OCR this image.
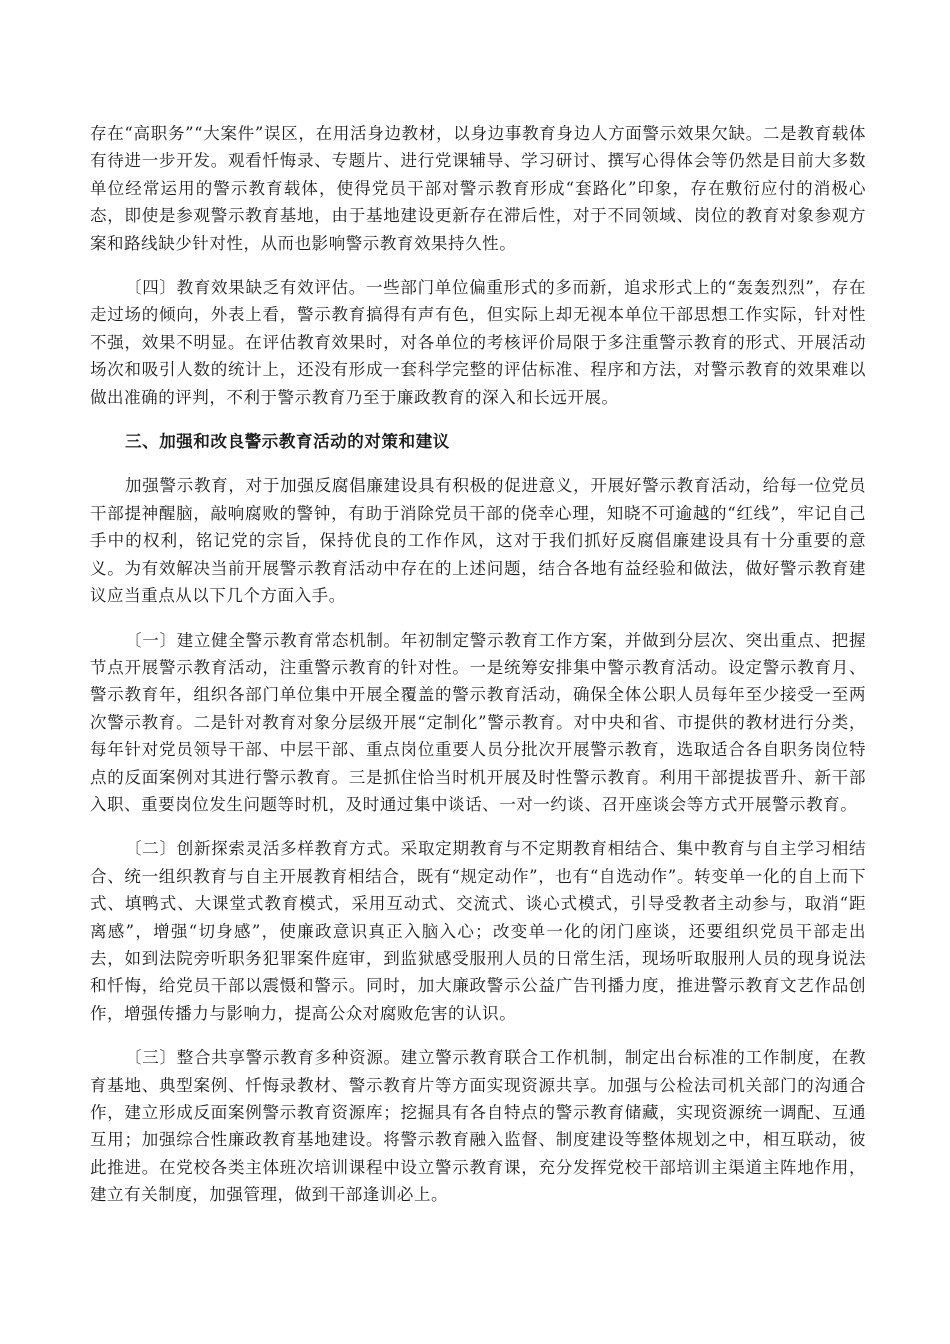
存在“高职务”“大案件”误区，在用活身边教材，以身边事教育身边人方面警示效果欠缺。二是教育载体有待进一步开发。观看忏悔录、专题片、进行党课辅导、学习研讨、撰写心得体会等仍然是目前大多数单位经常运用的警示教育载体，使得党员干部对警示教育形成“套路化”印象，存在敷衍应付的消极心态，即使是参观警示教育基地，由于基地建设更新存在滞后性，对于不同领域、岗位的教育对象参观方案和路线缺少针对性，从而也影响警示教育效果持久性。

〔四〕教育效果缺乏有效评估。一些部门单位偏重形式的多而新，追求形式上的“轰轰烈烈”，存在走过场的倾向，外表上看，警示教育搞得有声有色，但实际上却无视本单位干部思想工作实际，针对性不强，效果不明显。在评估教育效果时，对各单位的考核评价局限于多注重警示教育的形式、开展活动场次和吸引人数的统计上，还没有形成一套科学完整的评估标准、程序和方法，对警示教育的效果难以做出准确的评判，不利于警示教育乃至于廉政教育的深入和长远开展。

三、加强和改良警示教育活动的对策和建议

加强警示教育，对于加强反腐倡廉建设具有积极的促进意义，开展好警示教育活动，给每一位党员干部提神醒脑，敲响腐败的警钟，有助于消除党员干部的侥幸心理，知晓不可逾越的“红线”，牢记自己手中的权利，铭记党的宗旨，保持优良的工作作风，这对于我们抓好反腐倡廉建设具有十分重要的意义。为有效解决当前开展警示教育活动中存在的上述问题，结合各地有益经验和做法，做好警示教育建议应当重点从以下几个方面入手。

〔一〕建立健全警示教育常态机制。年初制定警示教育工作方案，并做到分层次、突出重点、把握节点开展警示教育活动，注重警示教育的针对性。一是统筹安排集中警示教育活动。设定警示教育月、警示教育年，组织各部门单位集中开展全覆盖的警示教育活动，确保全体公职人员每年至少接受一至两次警示教育。二是针对教育对象分层级开展“定制化”警示教育。对中央和省、市提供的教材进行分类，每年针对党员领导干部、中层干部、重点岗位重要人员分批次开展警示教育，选取适合各自职务岗位特点的反面案例对其进行警示教育。三是抓住恰当时机开展及时性警示教育。利用干部提拔晋升、新干部入职、重要岗位发生问题等时机，及时通过集中谈话、一对一约谈、召开座谈会等方式开展警示教育。

〔二〕创新探索灵活多样教育方式。采取定期教育与不定期教育相结合、集中教育与自主学习相结合、统一组织教育与自主开展教育相结合，既有“规定动作”，也有“自选动作”。转变单一化的自上而下式、填鸭式、大课堂式教育模式，采用互动式、交流式、谈心式模式，引导受教者主动参与，取消“距离感”，增强“切身感”，使廉政意识真正入脑入心；改变单一化的闭门座谈，还要组织党员干部走出去，如到法院旁听职务犯罪案件庭审，到监狱感受服刑人员的日常生活，现场听取服刑人员的现身说法和忏悔，给党员干部以震慑和警示。同时，加大廉政警示公益广告刊播力度，推进警示教育文艺作品创作，增强传播力与影响力，提高公众对腐败危害的认识。

〔三〕整合共享警示教育多种资源。建立警示教育联合工作机制，制定出台标准的工作制度，在教育基地、典型案例、忏悔录教材、警示教育片等方面实现资源共享。加强与公检法司机关部门的沟通合作，建立形成反面案例警示教育资源库；挖掘具有各自特点的警示教育储藏，实现资源统一调配、互通互用；加强综合性廉政教育基地建设。将警示教育融入监督、制度建设等整体规划之中，相互联动，彼此推进。在党校各类主体班次培训课程中设立警示教育课，充分发挥党校干部培训主渠道主阵地作用，建立有关制度，加强管理，做到干部逢训必上。
